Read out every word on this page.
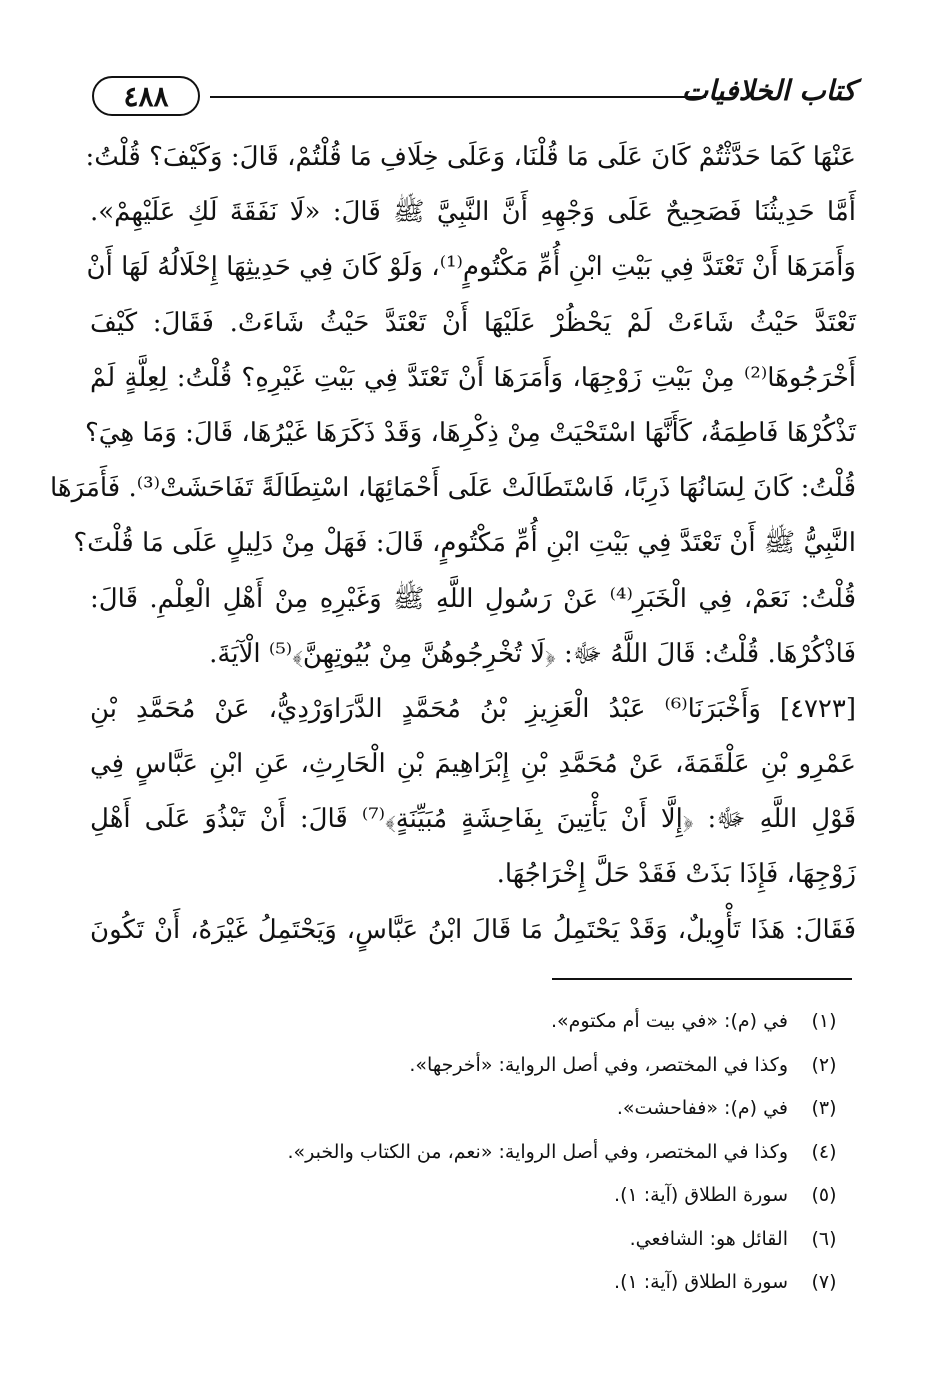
٤٨٨	كتاب الخلافيات
عَنْهَا كَمَا حَدَّثْتُمْ كَانَ عَلَى مَا قُلْنَا، وَعَلَى خِلَافِ مَا قُلْتُمْ، قَالَ: وَكَيْفَ؟ قُلْتُ:
أَمَّا حَدِيثُنَا فَصَحِيحٌ عَلَى وَجْهِهِ أَنَّ النَّبِيَّ ﷺ قَالَ: «لَا نَفَقَةَ لَكِ عَلَيْهِمْ».
وَأَمَرَهَا أَنْ تَعْتَدَّ فِي بَيْتِ ابْنِ أُمِّ مَكْتُومٍ⁽¹⁾، وَلَوْ كَانَ فِي حَدِيثِهَا إِحْلَالُهُ لَهَا أَنْ
تَعْتَدَّ حَيْثُ شَاءَتْ لَمْ يَحْظُرْ عَلَيْهَا أَنْ تَعْتَدَّ حَيْثُ شَاءَتْ. فَقَالَ: كَيْفَ
أَخْرَجُوهَا⁽²⁾ مِنْ بَيْتِ زَوْجِهَا، وَأَمَرَهَا أَنْ تَعْتَدَّ فِي بَيْتِ غَيْرِهِ؟ قُلْتُ: لِعِلَّةٍ لَمْ
تَذْكُرْهَا فَاطِمَةُ، كَأَنَّهَا اسْتَحْيَتْ مِنْ ذِكْرِهَا، وَقَدْ ذَكَرَهَا غَيْرُهَا، قَالَ: وَمَا هِيَ؟
قُلْتُ: كَانَ لِسَانُهَا ذَرِبًا، فَاسْتَطَالَتْ عَلَى أَحْمَائِهَا، اسْتِطَالَةً تَفَاحَشَتْ⁽³⁾. فَأَمَرَهَا
النَّبِيُّ ﷺ أَنْ تَعْتَدَّ فِي بَيْتِ ابْنِ أُمِّ مَكْتُومٍ، قَالَ: فَهَلْ مِنْ دَلِيلٍ عَلَى مَا قُلْتَ؟
قُلْتُ: نَعَمْ، فِي الْخَبَرِ⁽⁴⁾ عَنْ رَسُولِ اللَّهِ ﷺ وَغَيْرِهِ مِنْ أَهْلِ الْعِلْمِ. قَالَ:
فَاذْكُرْهَا. قُلْتُ: قَالَ اللَّهُ ﷻ: ﴿لَا تُخْرِجُوهُنَّ مِنْ بُيُوتِهِنَّ﴾⁽⁵⁾ الْآيَةَ.
[٤٧٢٣] وَأَخْبَرَنَا⁽⁶⁾ عَبْدُ الْعَزِيزِ بْنُ مُحَمَّدٍ الدَّرَاوَرْدِيُّ، عَنْ مُحَمَّدِ بْنِ
عَمْرِو بْنِ عَلْقَمَةَ، عَنْ مُحَمَّدِ بْنِ إِبْرَاهِيمَ بْنِ الْحَارِثِ، عَنِ ابْنِ عَبَّاسٍ فِي
قَوْلِ اللَّهِ ﷻ: ﴿إِلَّا أَنْ يَأْتِينَ بِفَاحِشَةٍ مُبَيِّنَةٍ﴾⁽⁷⁾ قَالَ: أَنْ تَبْذُوَ عَلَى أَهْلِ
زَوْجِهَا، فَإِذَا بَذَتْ فَقَدْ حَلَّ إِخْرَاجُهَا.
فَقَالَ: هَذَا تَأْوِيلٌ، وَقَدْ يَحْتَمِلُ مَا قَالَ ابْنُ عَبَّاسٍ، وَيَحْتَمِلُ غَيْرَهُ، أَنْ تَكُونَ
(١)
في (م): «في بيت أم مكتوم».
(٢)
وكذا في المختصر، وفي أصل الرواية: «أخرجها».
(٣)
في (م): «ففاحشت».
(٤)
وكذا في المختصر، وفي أصل الرواية: «نعم، من الكتاب والخبر».
(٥)
سورة الطلاق (آية: ١).
(٦)
القائل هو: الشافعي.
(٧)
سورة الطلاق (آية: ١).
